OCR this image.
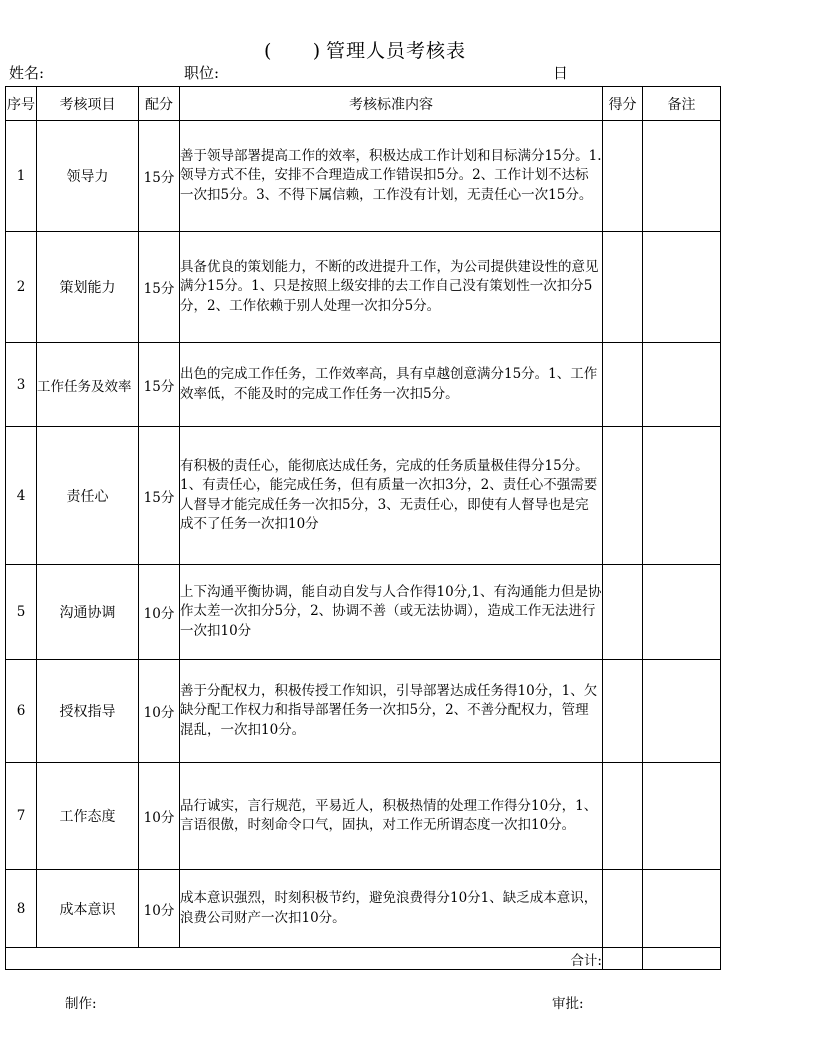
( ) 管理人员考核表
姓名:	职位:	日
序号	考核项目	配分	考核标准内容	得分	备注
1	领导力	15分	善于领导部署提高工作的效率，积极达成工作计划和目标满分15分。1.领导方式不佳，安排不合理造成工作错误扣5分。2、工作计划不达标一次扣5分。3、不得下属信赖，工作没有计划，无责任心一次15分。		
2	策划能力	15分	具备优良的策划能力，不断的改进提升工作，为公司提供建设性的意见满分15分。1、只是按照上级安排的去工作自己没有策划性一次扣分5分，2、工作依赖于别人处理一次扣分5分。		
3	工作任务及效率	15分	出色的完成工作任务，工作效率高，具有卓越创意满分15分。1、工作效率低，不能及时的完成工作任务一次扣5分。		
4	责任心	15分	有积极的责任心，能彻底达成任务，完成的任务质量极佳得分15分。1、有责任心，能完成任务，但有质量一次扣3分，2、责任心不强需要人督导才能完成任务一次扣5分，3、无责任心，即使有人督导也是完成不了任务一次扣10分		
5	沟通协调	10分	上下沟通平衡协调，能自动自发与人合作得10分,1、有沟通能力但是协作太差一次扣分5分，2、协调不善（或无法协调），造成工作无法进行一次扣10分		
6	授权指导	10分	善于分配权力，积极传授工作知识，引导部署达成任务得10分，1、欠缺分配工作权力和指导部署任务一次扣5分，2、不善分配权力，管理混乱，一次扣10分。		
7	工作态度	10分	品行诚实，言行规范，平易近人，积极热情的处理工作得分10分，1、言语很傲，时刻命令口气，固执，对工作无所谓态度一次扣10分。		
8	成本意识	10分	成本意识强烈，时刻积极节约，避免浪费得分10分1、缺乏成本意识，浪费公司财产一次扣10分。		
合计:					
制作:	审批:
